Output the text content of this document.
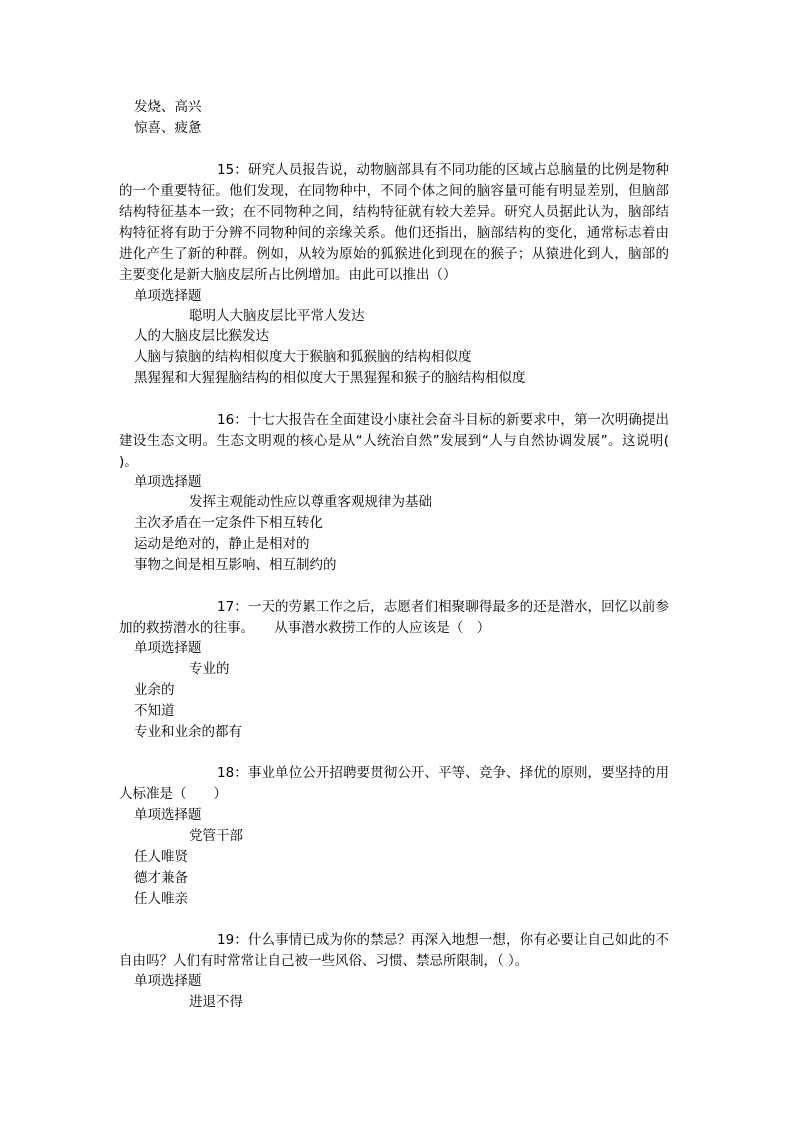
发烧、高兴
惊喜、疲惫
15：研究人员报告说，动物脑部具有不同功能的区域占总脑量的比例是物种的一个重要特征。他们发现，在同物种中，不同个体之间的脑容量可能有明显差别，但脑部结构特征基本一致；在不同物种之间，结构特征就有较大差异。研究人员据此认为，脑部结构特征将有助于分辨不同物种间的亲缘关系。他们还指出，脑部结构的变化，通常标志着由进化产生了新的种群。例如，从较为原始的狐猴进化到现在的猴子；从猿进化到人，脑部的主要变化是新大脑皮层所占比例增加。由此可以推出（）
单项选择题
聪明人大脑皮层比平常人发达
人的大脑皮层比猴发达
人脑与猿脑的结构相似度大于猴脑和狐猴脑的结构相似度
黑猩猩和大猩猩脑结构的相似度大于黑猩猩和猴子的脑结构相似度
16：十七大报告在全面建设小康社会奋斗目标的新要求中，第一次明确提出建设生态文明。生态文明观的核心是从“人统治自然”发展到“人与自然协调发展”。这说明( )。
单项选择题
发挥主观能动性应以尊重客观规律为基础
主次矛盾在一定条件下相互转化
运动是绝对的，静止是相对的
事物之间是相互影响、相互制约的
17：一天的劳累工作之后，志愿者们相聚聊得最多的还是潜水，回忆以前参加的救捞潜水的往事。　　从事潜水救捞工作的人应该是（　）
单项选择题
专业的
业余的
不知道
专业和业余的都有
18：事业单位公开招聘要贯彻公开、平等、竞争、择优的原则，要坚持的用人标准是（　　）
单项选择题
党管干部
任人唯贤
德才兼备
任人唯亲
19：什么事情已成为你的禁忌？再深入地想一想，你有必要让自己如此的不自由吗？人们有时常常让自己被一些风俗、习惯、禁忌所限制，（ ）。
单项选择题
进退不得
